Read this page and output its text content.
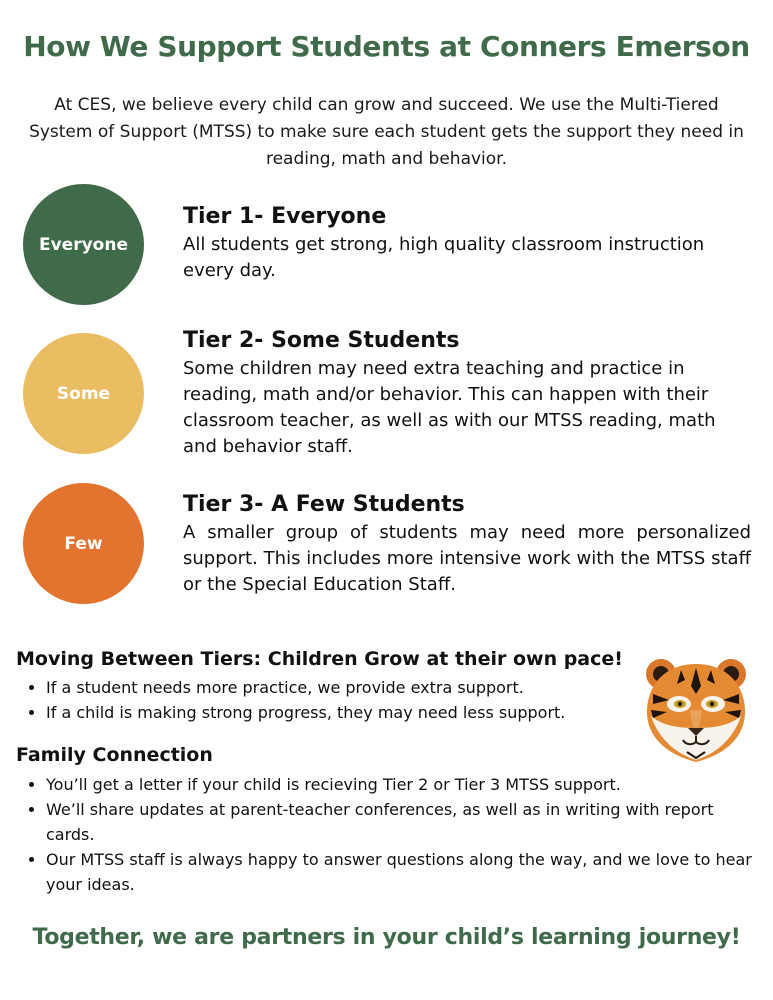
How We Support Students at Conners Emerson

At CES, we believe every child can grow and succeed. We use the Multi-Tiered System of Support (MTSS) to make sure each student gets the support they need in reading, math and behavior.

Everyone
Tier 1- Everyone

All students get strong, high quality classroom instruction every day.

Some
Tier 2- Some Students

Some children may need extra teaching and practice in reading, math and/or behavior. This can happen with their classroom teacher, as well as with our MTSS reading, math and behavior staff.

Few
Tier 3- A Few Students

A smaller group of students may need more personalized support. This includes more intensive work with the MTSS staff or the Special Education Staff.

Moving Between Tiers: Children Grow at their own pace!
• If a student needs more practice, we provide extra support.
• If a child is making strong progress, they may need less support.
Family Connection
• You’ll get a letter if your child is recieving Tier 2 or Tier 3 MTSS support.
• We’ll share updates at parent-teacher conferences, as well as in writing with report cards.
• Our MTSS staff is always happy to answer questions along the way, and we love to hear your ideas.

Together, we are partners in your child’s learning journey!
